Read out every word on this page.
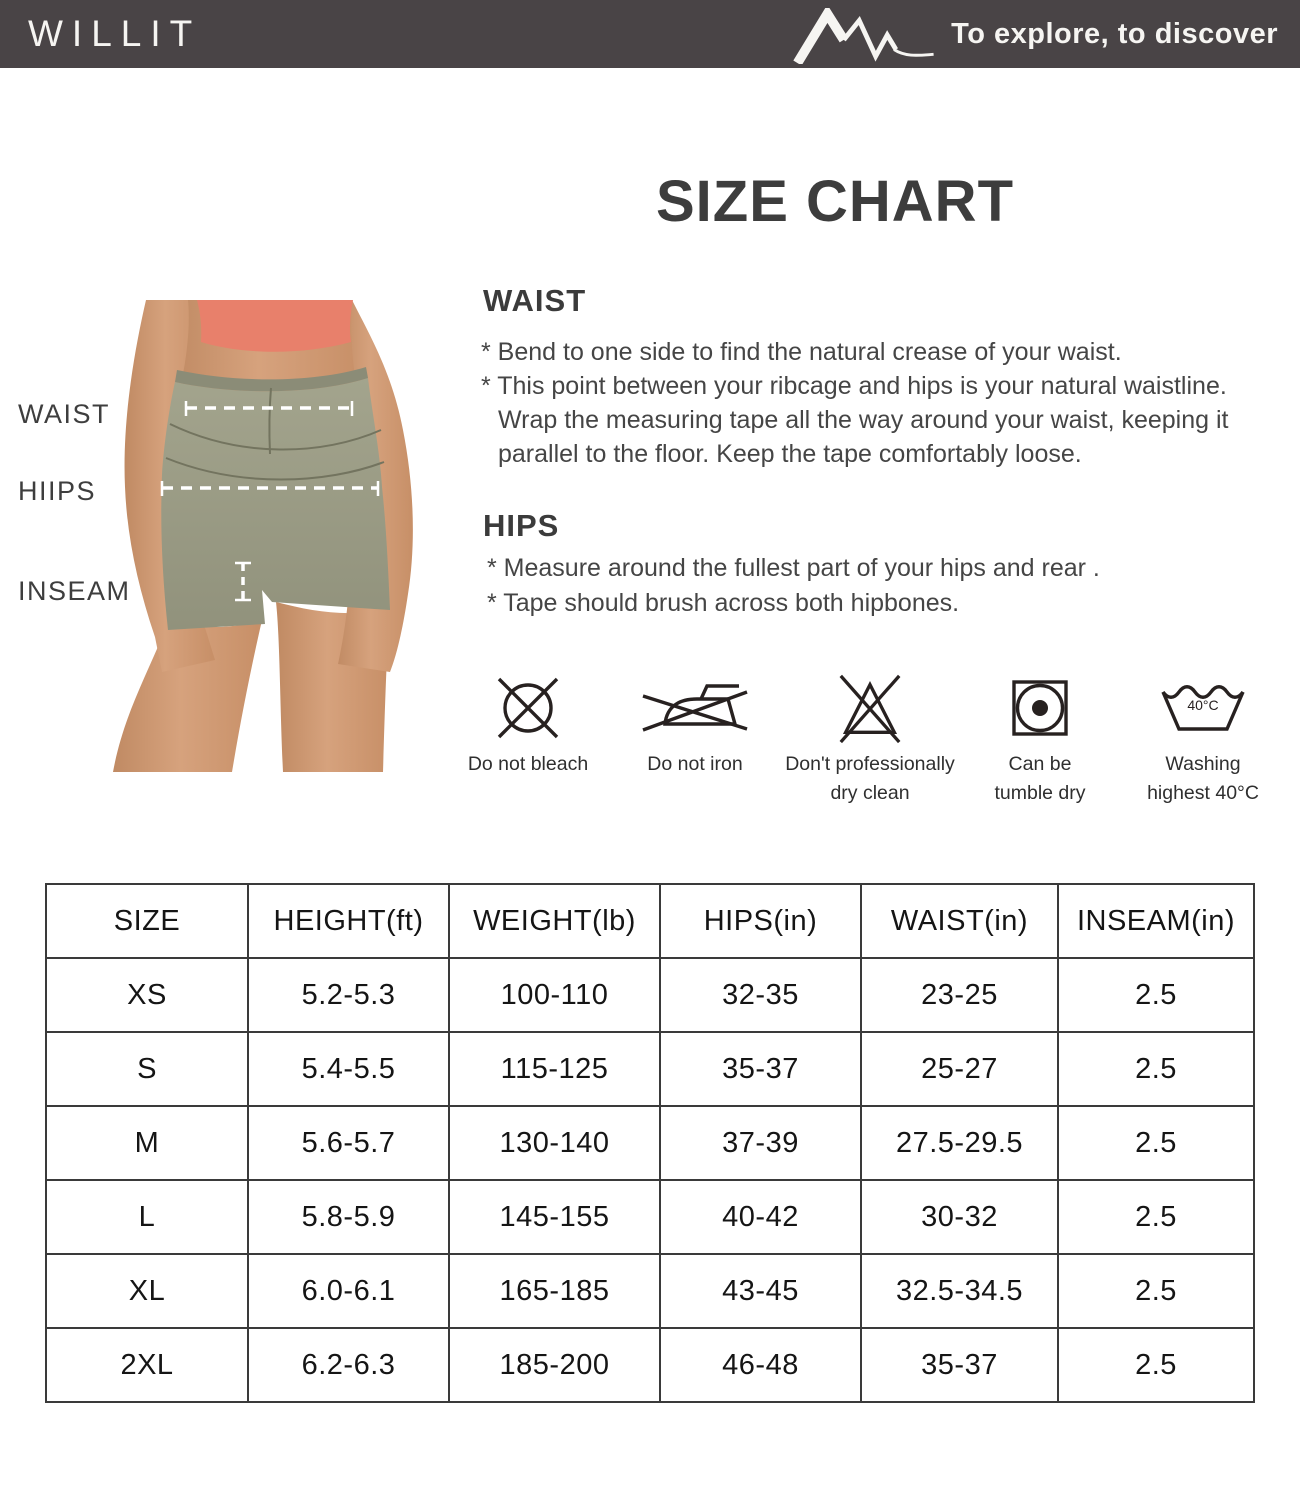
WILLIT	To explore, to discover
SIZE CHART
WAIST
HIIPS
INSEAM
WAIST
* Bend to one side to find the natural crease of your waist.
* This point between your ribcage and hips is your natural waistline.
Wrap the measuring tape all the way around your waist, keeping it
parallel to the floor. Keep the tape comfortably loose.
HIPS
* Measure around the fullest part of your hips and rear .
* Tape should brush across both hipbones.
Do not bleach	Do not iron	Don't professionally
dry clean
Can be
tumble dry
40°C
Washing
highest 40°C
SIZE	HEIGHT(ft)	WEIGHT(lb)	HIPS(in)	WAIST(in)	INSEAM(in)
XS	5.2-5.3	100-110	32-35	23-25	2.5
S	5.4-5.5	115-125	35-37	25-27	2.5
M	5.6-5.7	130-140	37-39	27.5-29.5	2.5
L	5.8-5.9	145-155	40-42	30-32	2.5
XL	6.0-6.1	165-185	43-45	32.5-34.5	2.5
2XL	6.2-6.3	185-200	46-48	35-37	2.5
